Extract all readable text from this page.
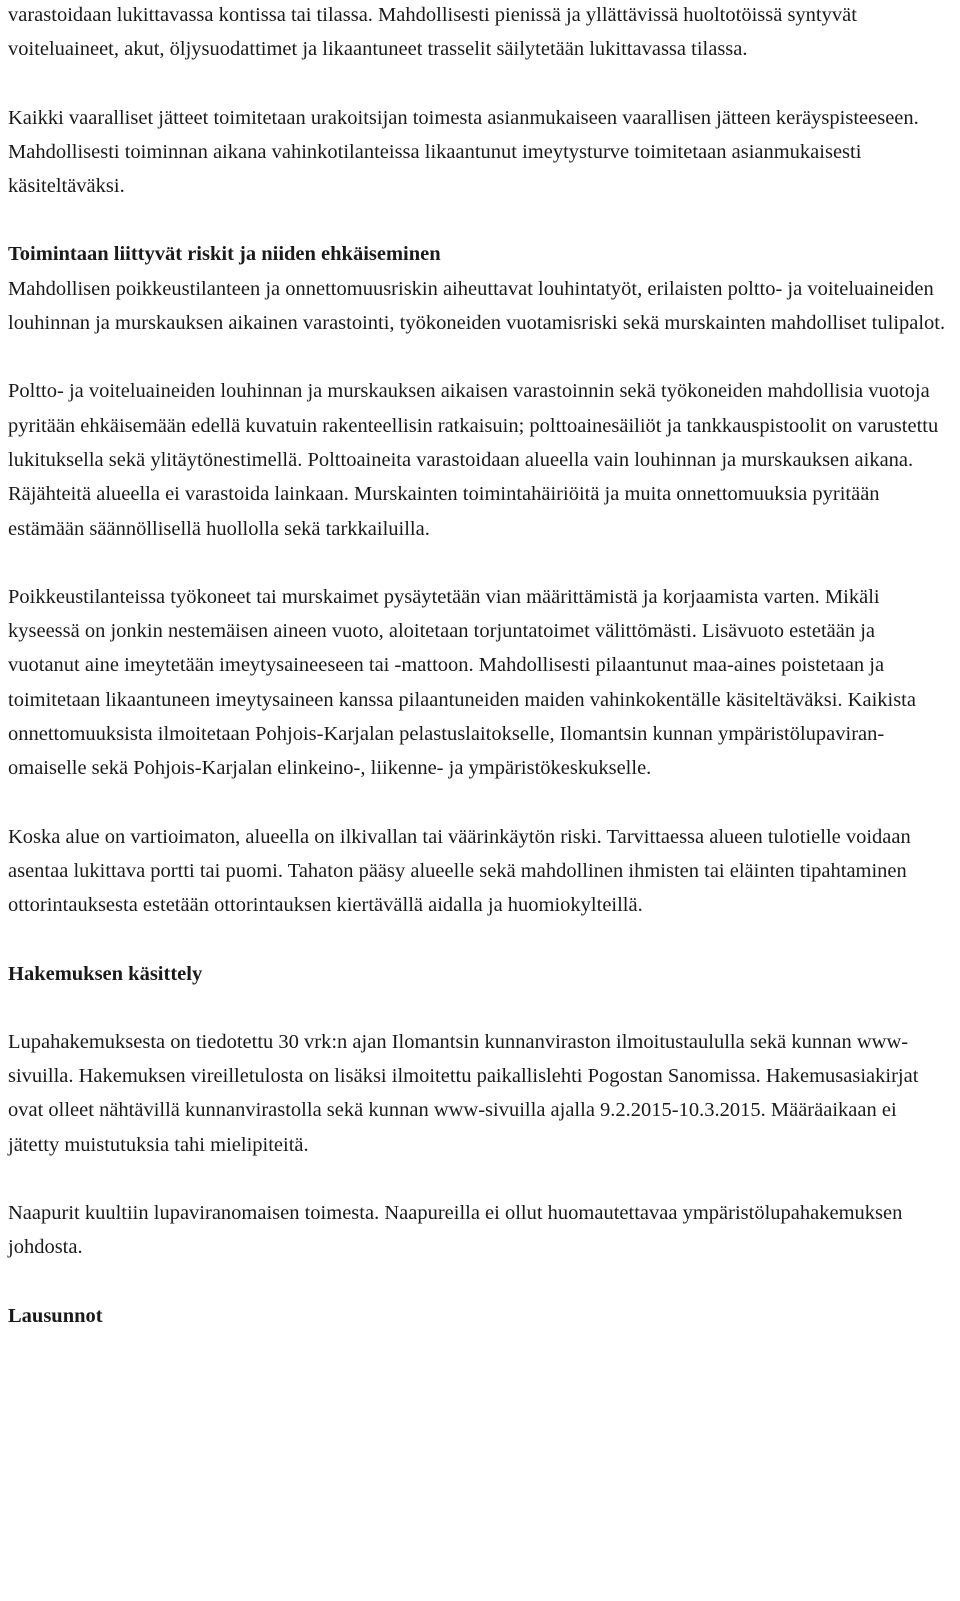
varastoidaan lukittavassa kontissa tai tilassa. Mahdollisesti pienissä ja yllättävissä huoltotöissä syntyvät voiteluaineet, akut, öljysuodattimet ja likaantuneet trasselit säilytetään lukittavassa tilassa.

Kaikki vaaralliset jätteet toimitetaan urakoitsijan toimesta asianmukaiseen vaarallisen jätteen keräyspisteeseen. Mahdollisesti toiminnan aikana vahinkotilanteissa likaantunut imeytysturve toimitetaan asianmukaisesti käsiteltäväksi.

Toimintaan liittyvät riskit ja niiden ehkäiseminen
Mahdollisen poikkeustilanteen ja onnettomuusriskin aiheuttavat louhintatyöt, erilaisten poltto- ja voiteluaineiden louhinnan ja murskauksen aikainen varastointi, työkoneiden vuotamisriski sekä murskainten mahdolliset tulipalot.

Poltto- ja voiteluaineiden louhinnan ja murskauksen aikaisen varastoinnin sekä työkoneiden mahdollisia vuotoja pyritään ehkäisemään edellä kuvatuin rakenteellisin ratkaisuin; polttoainesäiliöt ja tankkauspistoolit on varustettu lukituksella sekä ylitäytönestimellä. Polttoaineita varastoidaan alueella vain louhinnan ja murskauksen aikana. Räjähteitä alueella ei varastoida lainkaan. Murskainten toimintahäiriöitä ja muita onnettomuuksia pyritään estämään säännöllisellä huollolla sekä tarkkailuilla.

Poikkeustilanteissa työkoneet tai murskaimet pysäytetään vian määrittämistä ja korjaamista varten. Mikäli kyseessä on jonkin nestemäisen aineen vuoto, aloitetaan torjuntatoimet välittömästi. Lisävuoto estetään ja vuotanut aine imeytetään imeytysaineeseen tai -mattoon. Mahdollisesti pilaantunut maa-aines poistetaan ja toimitetaan likaantuneen imeytysaineen kanssa pilaantuneiden maiden vahinkokentälle käsiteltäväksi. Kaikista onnettomuuksista ilmoitetaan Pohjois-Karjalan pelastuslaitokselle, Ilomantsin kunnan ympäristölupaviran-omaiselle sekä Pohjois-Karjalan elinkeino-, liikenne- ja ympäristökeskukselle.

Koska alue on vartioimaton, alueella on ilkivallan tai väärinkäytön riski. Tarvittaessa alueen tulotielle voidaan asentaa lukittava portti tai puomi. Tahaton pääsy alueelle sekä mahdollinen ihmisten tai eläinten tipahtaminen ottorintauksesta estetään ottorintauksen kiertävällä aidalla ja huomiokylteillä.

Hakemuksen käsittely

Lupahakemuksesta on tiedotettu 30 vrk:n ajan Ilomantsin kunnanviraston ilmoitustaululla sekä kunnan www-sivuilla. Hakemuksen vireilletulosta on lisäksi ilmoitettu paikallislehti Pogostan Sanomissa. Hakemusasiakirjat ovat olleet nähtävillä kunnanvirastolla sekä kunnan www-sivuilla ajalla 9.2.2015-10.3.2015. Määräaikaan ei jätetty muistutuksia tahi mielipiteitä.

Naapurit kuultiin lupaviranomaisen toimesta. Naapureilla ei ollut huomautettavaa ympäristölupahakemuksen johdosta.

Lausunnot
